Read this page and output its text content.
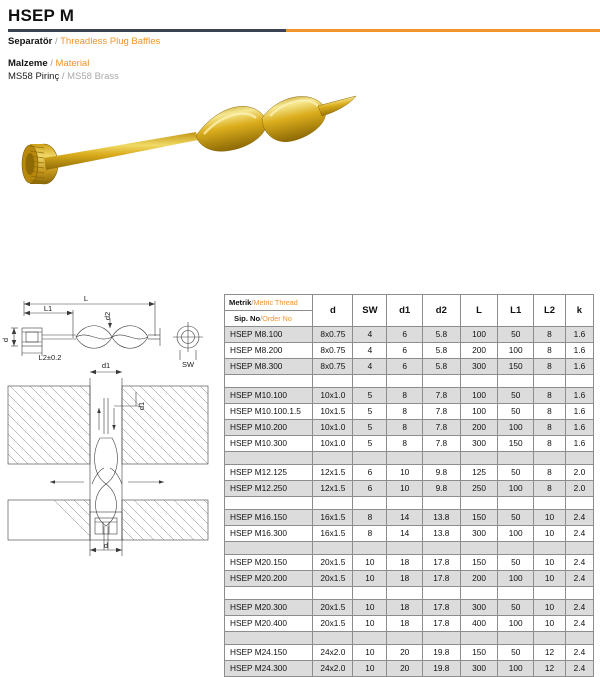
HSEP M
Separatör / Threadless Plug Baffles
Malzeme / Material
MS58 Pirinç / MS58 Brass
L
L1
L2±0.2
d
d2
SW
d1
d1
d
Metrik/Metric Thread
Sip. No/Order No	d	SW	d1	d2	L	L1	L2	k
HSEP M8.100	8x0.75	4	6	5.8	100	50	8	1.6
HSEP M8.200	8x0.75	4	6	5.8	200	100	8	1.6
HSEP M8.300	8x0.75	4	6	5.8	300	150	8	1.6

HSEP M10.100	10x1.0	5	8	7.8	100	50	8	1.6
HSEP M10.100.1.5	10x1.5	5	8	7.8	100	50	8	1.6
HSEP M10.200	10x1.0	5	8	7.8	200	100	8	1.6
HSEP M10.300	10x1.0	5	8	7.8	300	150	8	1.6

HSEP M12.125	12x1.5	6	10	9.8	125	50	8	2.0
HSEP M12.250	12x1.5	6	10	9.8	250	100	8	2.0

HSEP M16.150	16x1.5	8	14	13.8	150	50	10	2.4
HSEP M16.300	16x1.5	8	14	13.8	300	100	10	2.4

HSEP M20.150	20x1.5	10	18	17.8	150	50	10	2.4
HSEP M20.200	20x1.5	10	18	17.8	200	100	10	2.4

HSEP M20.300	20x1.5	10	18	17.8	300	50	10	2.4
HSEP M20.400	20x1.5	10	18	17.8	400	100	10	2.4

HSEP M24.150	24x2.0	10	20	19.8	150	50	12	2.4
HSEP M24.300	24x2.0	10	20	19.8	300	100	12	2.4
